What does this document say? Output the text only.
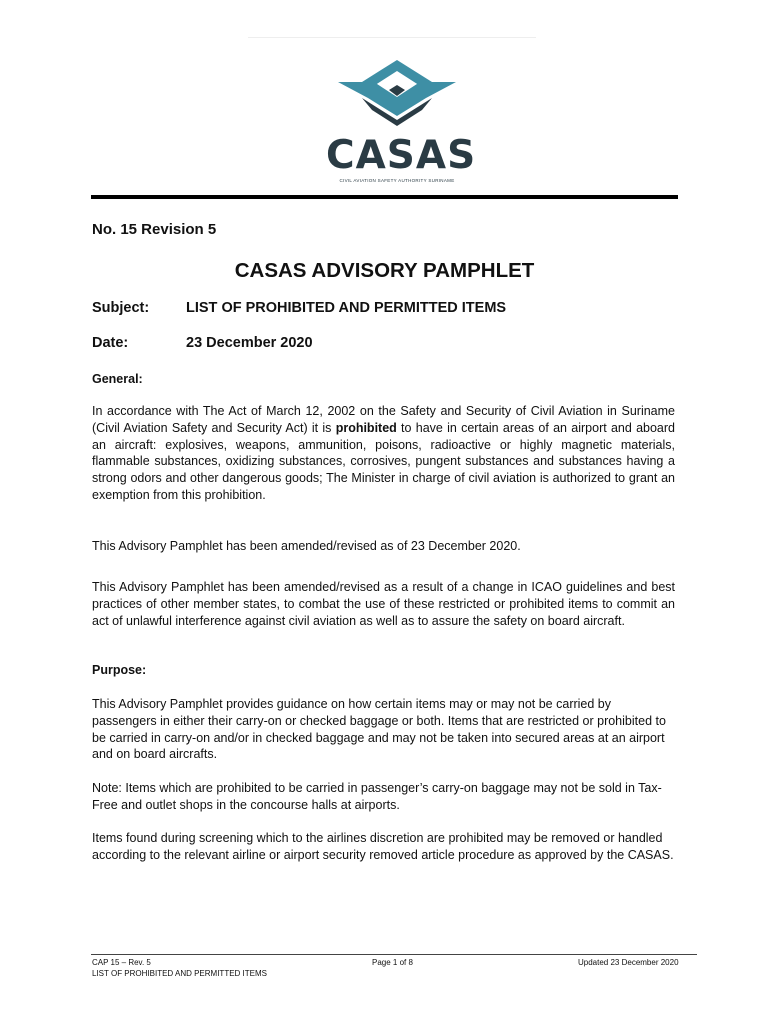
CASAS
CIVIL AVIATION SAFETY AUTHORITY SURINAME
No. 15 Revision 5
CASAS ADVISORY PAMPHLET
Subject:	LIST OF PROHIBITED AND PERMITTED ITEMS
Date:	23 December 2020
General:

In accordance with The Act of March 12, 2002 on the Safety and Security of Civil Aviation in Suriname (Civil Aviation Safety and Security Act) it is prohibited to have in certain areas of an airport and aboard an aircraft: explosives, weapons, ammunition, poisons, radioactive or highly magnetic materials, flammable substances, oxidizing substances, corrosives, pungent substances and substances having a strong odors and other dangerous goods; The Minister in charge of civil aviation is authorized to grant an exemption from this prohibition.

This Advisory Pamphlet has been amended/revised as of 23 December 2020.

This Advisory Pamphlet has been amended/revised as a result of a change in ICAO guidelines and best practices of other member states, to combat the use of these restricted or prohibited items to commit an act of unlawful interference against civil aviation as well as to assure the safety on board aircraft.

Purpose:

This Advisory Pamphlet provides guidance on how certain items may or may not be carried by passengers in either their carry-on or checked baggage or both. Items that are restricted or prohibited to be carried in carry-on and/or in checked baggage and may not be taken into secured areas at an airport and on board aircrafts.

Note: Items which are prohibited to be carried in passenger’s carry-on baggage may not be sold in Tax- Free and outlet shops in the concourse halls at airports.

Items found during screening which to the airlines discretion are prohibited may be removed or handled according to the relevant airline or airport security removed article procedure as approved by the CASAS.

CAP 15 – Rev. 5
LIST OF PROHIBITED AND PERMITTED ITEMS
Page 1 of 8	Updated 23 December 2020
